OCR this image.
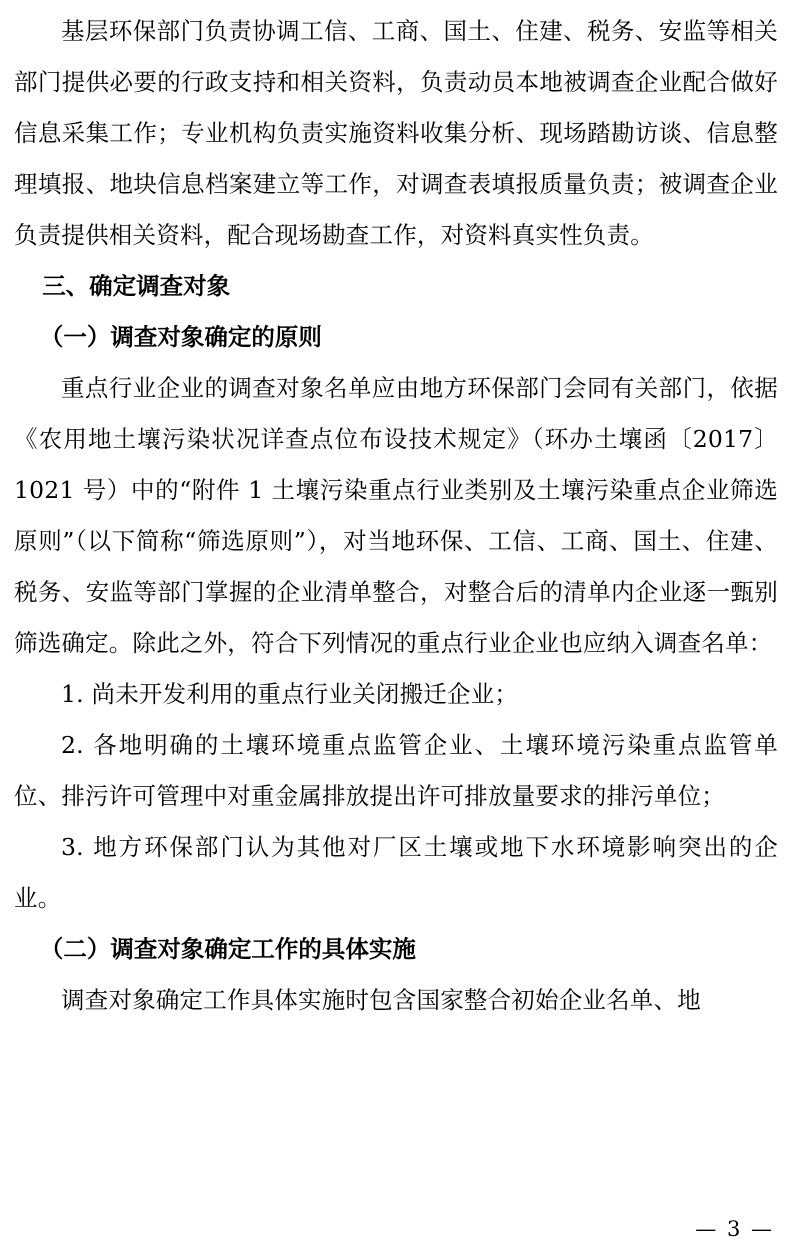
基层环保部门负责协调工信、工商、国土、住建、税务、安监等相关部门提供必要的行政支持和相关资料，负责动员本地被调查企业配合做好信息采集工作；专业机构负责实施资料收集分析、现场踏勘访谈、信息整理填报、地块信息档案建立等工作，对调查表填报质量负责；被调查企业负责提供相关资料，配合现场勘查工作，对资料真实性负责。

三、确定调查对象
（一）调查对象确定的原则

重点行业企业的调查对象名单应由地方环保部门会同有关部门，依据《农用地土壤污染状况详查点位布设技术规定》（环办土壤函〔2017〕1021 号）中的“附件 1 土壤污染重点行业类别及土壤污染重点企业筛选原则”（以下简称“筛选原则”），对当地环保、工信、工商、国土、住建、税务、安监等部门掌握的企业清单整合，对整合后的清单内企业逐一甄别筛选确定。除此之外，符合下列情况的重点行业企业也应纳入调查名单：

1. 尚未开发利用的重点行业关闭搬迁企业；

2. 各地明确的土壤环境重点监管企业、土壤环境污染重点监管单位、排污许可管理中对重金属排放提出许可排放量要求的排污单位；

3. 地方环保部门认为其他对厂区土壤或地下水环境影响突出的企业。

（二）调查对象确定工作的具体实施

调查对象确定工作具体实施时包含国家整合初始企业名单、地

— 3 —
